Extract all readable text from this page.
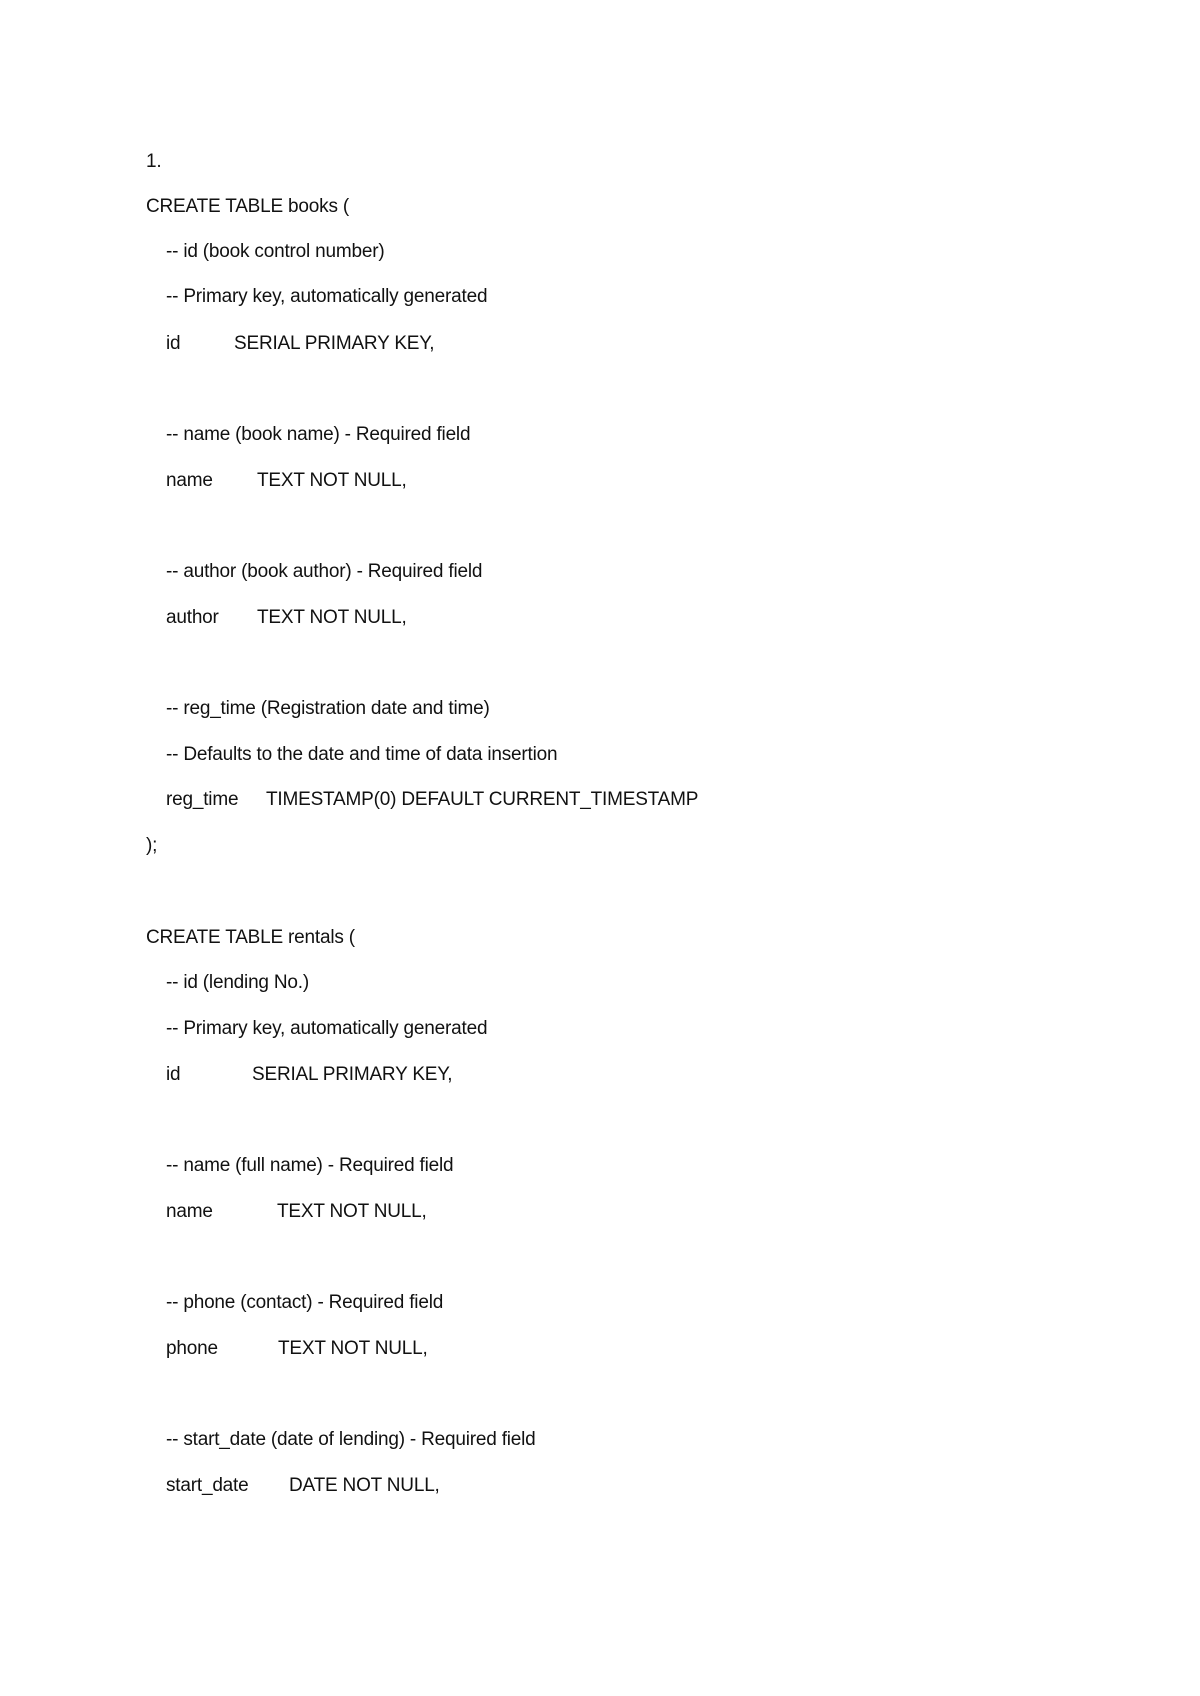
1.
CREATE TABLE books (
-- id (book control number)
-- Primary key, automatically generated
id	SERIAL PRIMARY KEY,
-- name (book name) - Required field
name TEXT NOT NULL,
-- author (book author) - Required field
author TEXT NOT NULL,
-- reg_time (Registration date and time)
-- Defaults to the date and time of data insertion
reg_time TIMESTAMP(0) DEFAULT CURRENT_TIMESTAMP
);
CREATE TABLE rentals (
-- id (lending No.)
-- Primary key, automatically generated
id	SERIAL PRIMARY KEY,
-- name (full name) - Required field
name	TEXT NOT NULL,
-- phone (contact) - Required field
phone	TEXT NOT NULL,
-- start_date (date of lending) - Required field
start_date DATE NOT NULL,
